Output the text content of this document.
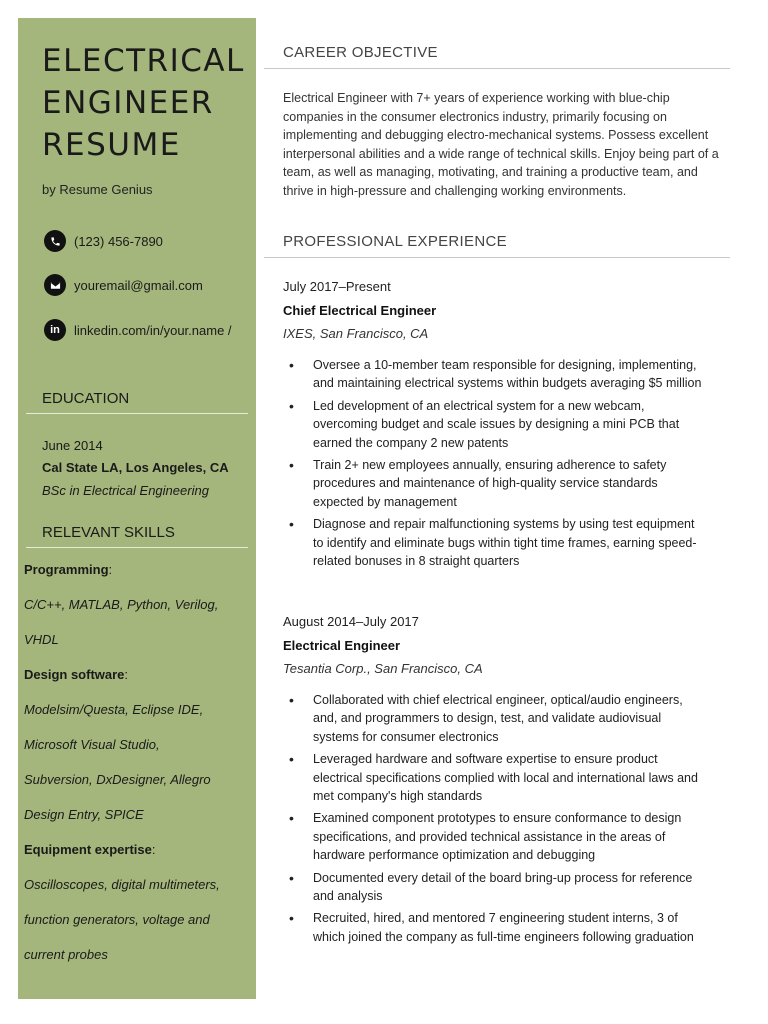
ELECTRICAL
ENGINEER
RESUME
by Resume Genius
(123) 456-7890
youremail@gmail.com
in	linkedin.com/in/your.name /
EDUCATION
June 2014
Cal State LA, Los Angeles, CA
BSc in Electrical Engineering
RELEVANT SKILLS
Programming:
C/C++, MATLAB, Python, Verilog,
VHDL
Design software:
Modelsim/Questa, Eclipse IDE,
Microsoft Visual Studio,
Subversion, DxDesigner, Allegro
Design Entry, SPICE
Equipment expertise:
Oscilloscopes, digital multimeters,
function generators, voltage and
current probes
CAREER OBJECTIVE

Electrical Engineer with 7+ years of experience working with blue-chip companies in the consumer electronics industry, primarily focusing on implementing and debugging electro-mechanical systems. Possess excellent interpersonal abilities and a wide range of technical skills. Enjoy being part of a team, as well as managing, motivating, and training a productive team, and thrive in high-pressure and challenging working environments.

PROFESSIONAL EXPERIENCE
July 2017–Present
Chief Electrical Engineer
IXES, San Francisco, CA
• Oversee a 10-member team responsible for designing, implementing, and maintaining electrical systems within budgets averaging $5 million
• Led development of an electrical system for a new webcam, overcoming budget and scale issues by designing a mini PCB that earned the company 2 new patents
• Train 2+ new employees annually, ensuring adherence to safety procedures and maintenance of high-quality service standards expected by management
• Diagnose and repair malfunctioning systems by using test equipment to identify and eliminate bugs within tight time frames, earning speed-related bonuses in 8 straight quarters
August 2014–July 2017
Electrical Engineer
Tesantia Corp., San Francisco, CA
• Collaborated with chief electrical engineer, optical/audio engineers, and, and programmers to design, test, and validate audiovisual systems for consumer electronics
• Leveraged hardware and software expertise to ensure product electrical specifications complied with local and international laws and met company's high standards
• Examined component prototypes to ensure conformance to design specifications, and provided technical assistance in the areas of hardware performance optimization and debugging
• Documented every detail of the board bring-up process for reference and analysis
• Recruited, hired, and mentored 7 engineering student interns, 3 of which joined the company as full-time engineers following graduation
